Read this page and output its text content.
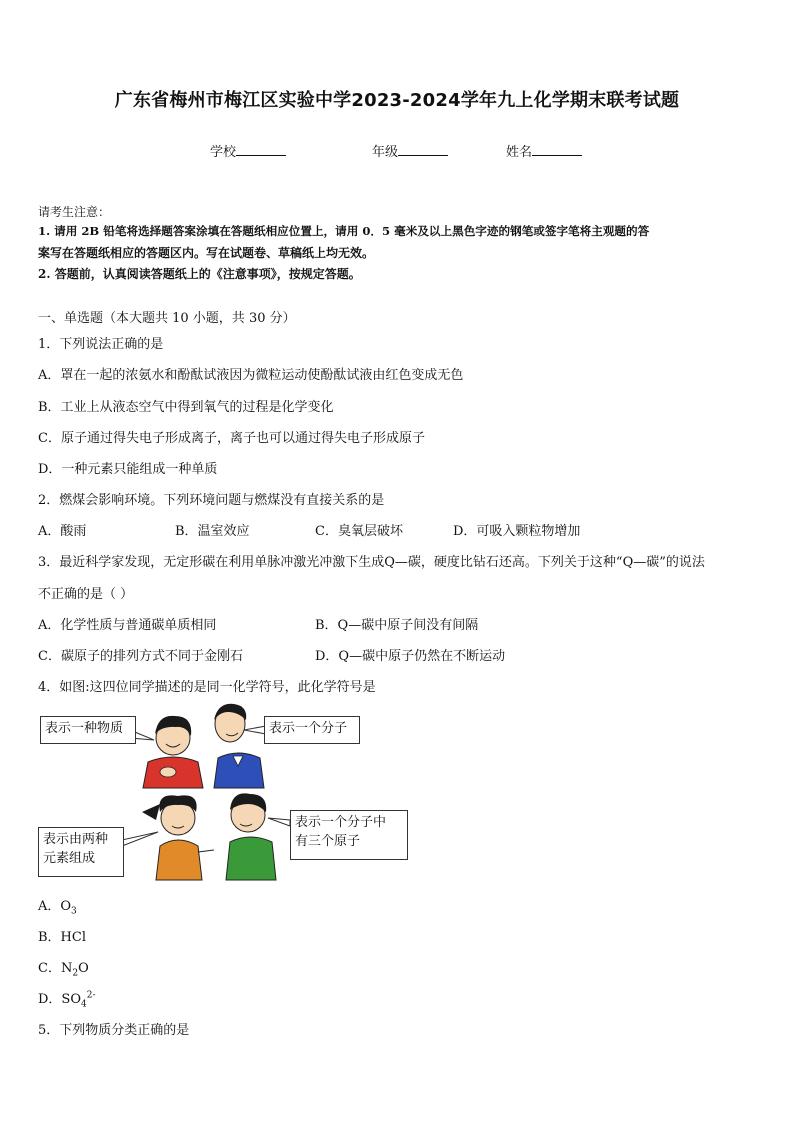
广东省梅州市梅江区实验中学2023-2024学年九上化学期末联考试题
学校	年级	姓名
请考生注意：
1. 请用 2B 铅笔将选择题答案涂填在答题纸相应位置上，请用 0．5 毫米及以上黑色字迹的钢笔或签字笔将主观题的答
案写在答题纸相应的答题区内。写在试题卷、草稿纸上均无效。
2. 答题前，认真阅读答题纸上的《注意事项》，按规定答题。
一、单选题（本大题共 10 小题，共 30 分）
1．下列说法正确的是
A．罩在一起的浓氨水和酚酞试液因为微粒运动使酚酞试液由红色变成无色
B．工业上从液态空气中得到氧气的过程是化学变化
C．原子通过得失电子形成离子，离子也可以通过得失电子形成原子
D．一种元素只能组成一种单质
2．燃煤会影响环境。下列环境问题与燃煤没有直接关系的是
A．酸雨	B．温室效应	C．臭氧层破坏	D．可吸入颗粒物增加
3．最近科学家发现，无定形碳在利用单脉冲激光冲激下生成Q—碳，硬度比钻石还高。下列关于这种“Q—碳”的说法
不正确的是（ ）
A．化学性质与普通碳单质相同	B．Q—碳中原子间没有间隔
C．碳原子的排列方式不同于金刚石	D．Q—碳中原子仍然在不断运动
4．如图:这四位同学描述的是同一化学符号，此化学符号是
表示一种物质	表示一个分子
表示由两种
元素组成
表示一个分子中
有三个原子
A．$O_3$
B．HCl
C．$N_2O$
D．$SO_4^{2-}$
5．下列物质分类正确的是
